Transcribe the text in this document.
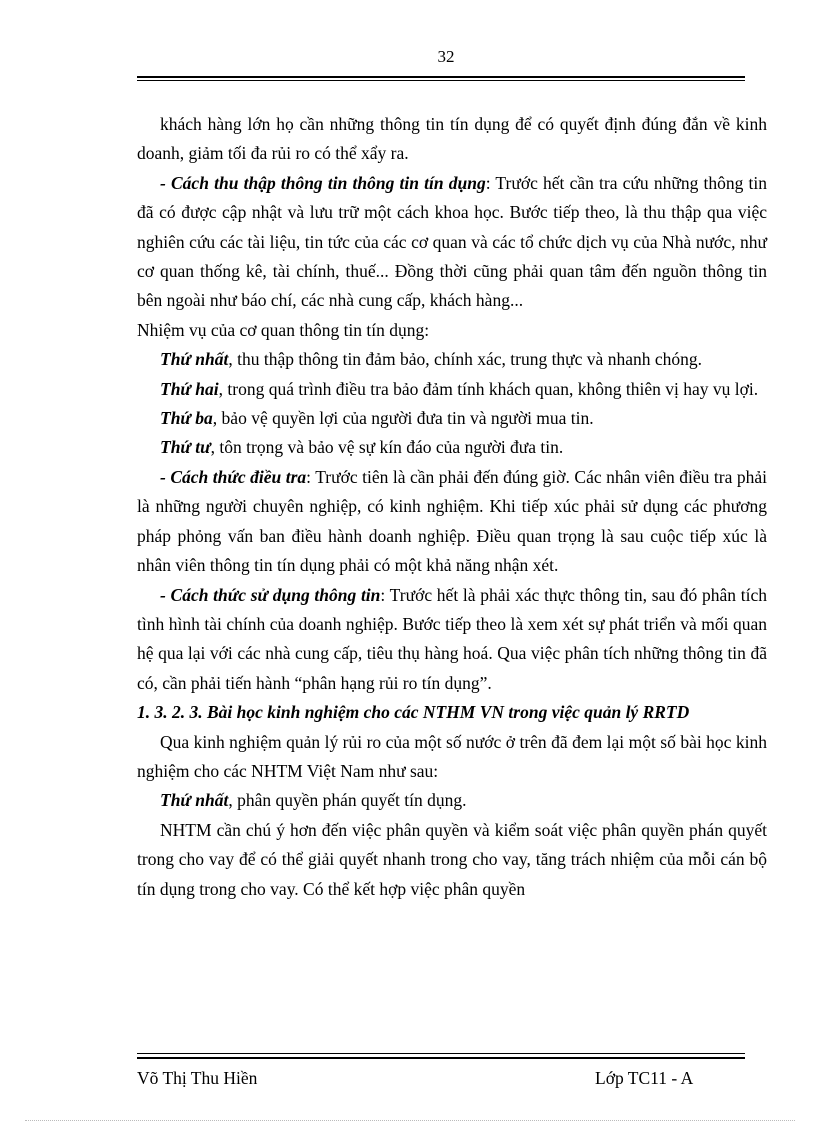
32

khách hàng lớn họ cần những thông tin tín dụng để có quyết định đúng đắn về kinh doanh, giảm tối đa rủi ro có thể xẩy ra.

- Cách thu thập thông tin thông tin tín dụng: Trước hết cần tra cứu những thông tin đã có được cập nhật và lưu trữ một cách khoa học. Bước tiếp theo, là thu thập qua việc nghiên cứu các tài liệu, tin tức của các cơ quan và các tổ chức dịch vụ của Nhà nước, như cơ quan thống kê, tài chính, thuế... Đồng thời cũng phải quan tâm đến nguồn thông tin bên ngoài như báo chí, các nhà cung cấp, khách hàng...

Nhiệm vụ của cơ quan thông tin tín dụng:

Thứ nhất, thu thập thông tin đảm bảo, chính xác, trung thực và nhanh chóng.

Thứ hai, trong quá trình điều tra bảo đảm tính khách quan, không thiên vị hay vụ lợi.

Thứ ba, bảo vệ quyền lợi của người đưa tin và người mua tin.

Thứ tư, tôn trọng và bảo vệ sự kín đáo của người đưa tin.

- Cách thức điều tra: Trước tiên là cần phải đến đúng giờ. Các nhân viên điều tra phải là những người chuyên nghiệp, có kinh nghiệm. Khi tiếp xúc phải sử dụng các phương pháp phỏng vấn ban điều hành doanh nghiệp. Điều quan trọng là sau cuộc tiếp xúc là nhân viên thông tin tín dụng phải có một khả năng nhận xét.

- Cách thức sử dụng thông tin: Trước hết là phải xác thực thông tin, sau đó phân tích tình hình tài chính của doanh nghiệp. Bước tiếp theo là xem xét sự phát triển và mối quan hệ qua lại với các nhà cung cấp, tiêu thụ hàng hoá. Qua việc phân tích những thông tin đã có, cần phải tiến hành “phân hạng rủi ro tín dụng”.

1. 3. 2. 3. Bài học kinh nghiệm cho các NTHM VN trong việc quản lý RRTD

Qua kinh nghiệm quản lý rủi ro của một số nước ở trên đã đem lại một số bài học kinh nghiệm cho các NHTM Việt Nam như sau:

Thứ nhất, phân quyền phán quyết tín dụng.

NHTM cần chú ý hơn đến việc phân quyền và kiểm soát việc phân quyền phán quyết trong cho vay để có thể giải quyết nhanh trong cho vay, tăng trách nhiệm của mỗi cán bộ tín dụng trong cho vay. Có thể kết hợp việc phân quyền

Võ Thị Thu Hiền	Lớp TC11 - A
